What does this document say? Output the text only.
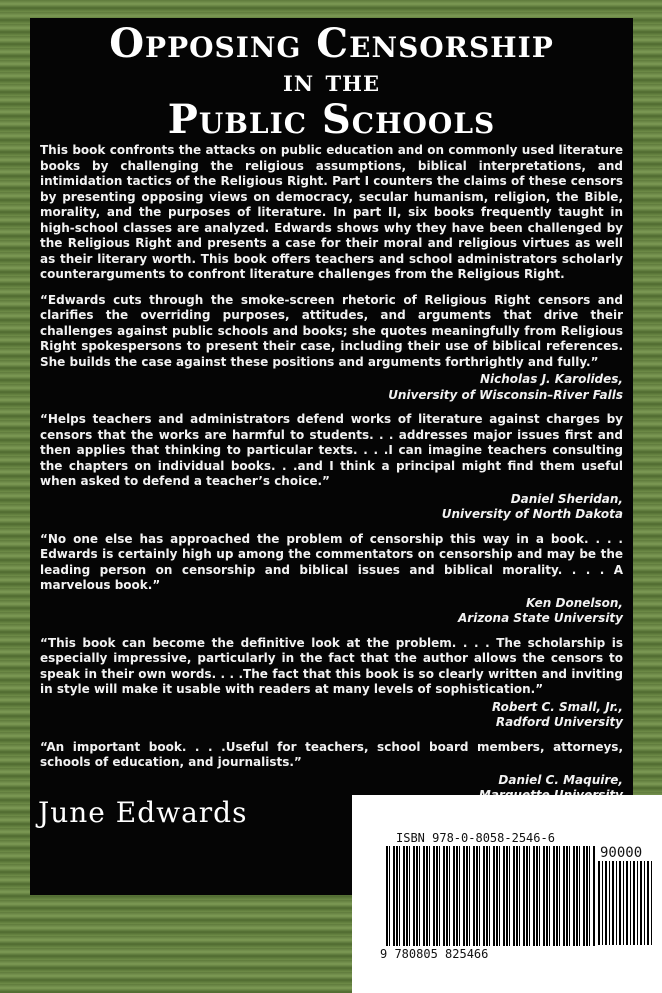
Opposing Censorship
in the
Public Schools

This book confronts the attacks on public education and on commonly used literature books by challenging the religious assumptions, biblical interpretations, and intimidation tactics of the Religious Right. Part I counters the claims of these censors by presenting opposing views on democracy, secular humanism, religion, the Bible, morality, and the purposes of literature. In part II, six books frequently taught in high-school classes are analyzed. Edwards shows why they have been challenged by the Religious Right and presents a case for their moral and religious virtues as well as their literary worth. This book offers teachers and school administrators scholarly counterarguments to confront literature challenges from the Religious Right.

“Edwards cuts through the smoke-screen rhetoric of Religious Right censors and clarifies the overriding purposes, attitudes, and arguments that drive their challenges against public schools and books; she quotes meaningfully from Religious Right spokespersons to present their case, including their use of biblical references. She builds the case against these positions and arguments forthrightly and fully.”
Nicholas J. Karolides,
University of Wisconsin–River Falls
“Helps teachers and administrators defend works of literature against charges by censors that the works are harmful to students. . . addresses major issues first and then applies that thinking to particular texts. . . .I can imagine teachers consulting the chapters on individual books. . .and I think a principal might find them useful when asked to defend a teacher’s choice.”
Daniel Sheridan,
University of North Dakota
“No one else has approached the problem of censorship this way in a book. . . . Edwards is certainly high up among the commentators on censorship and may be the leading person on censorship and biblical issues and biblical morality. . . . A marvelous book.”
Ken Donelson,
Arizona State University
“This book can become the definitive look at the problem. . . . The scholarship is especially impressive, particularly in the fact that the author allows the censors to speak in their own words. . . .The fact that this book is so clearly written and inviting in style will make it usable with readers at many levels of sophistication.”
Robert C. Small, Jr.,
Radford University
“An important book. . . .Useful for teachers, school board members, attorneys, schools of education, and journalists.”
Daniel C. Maquire,
June Edwards
ISBN 978-0-8058-2546-6
90000
9 780805 825466
